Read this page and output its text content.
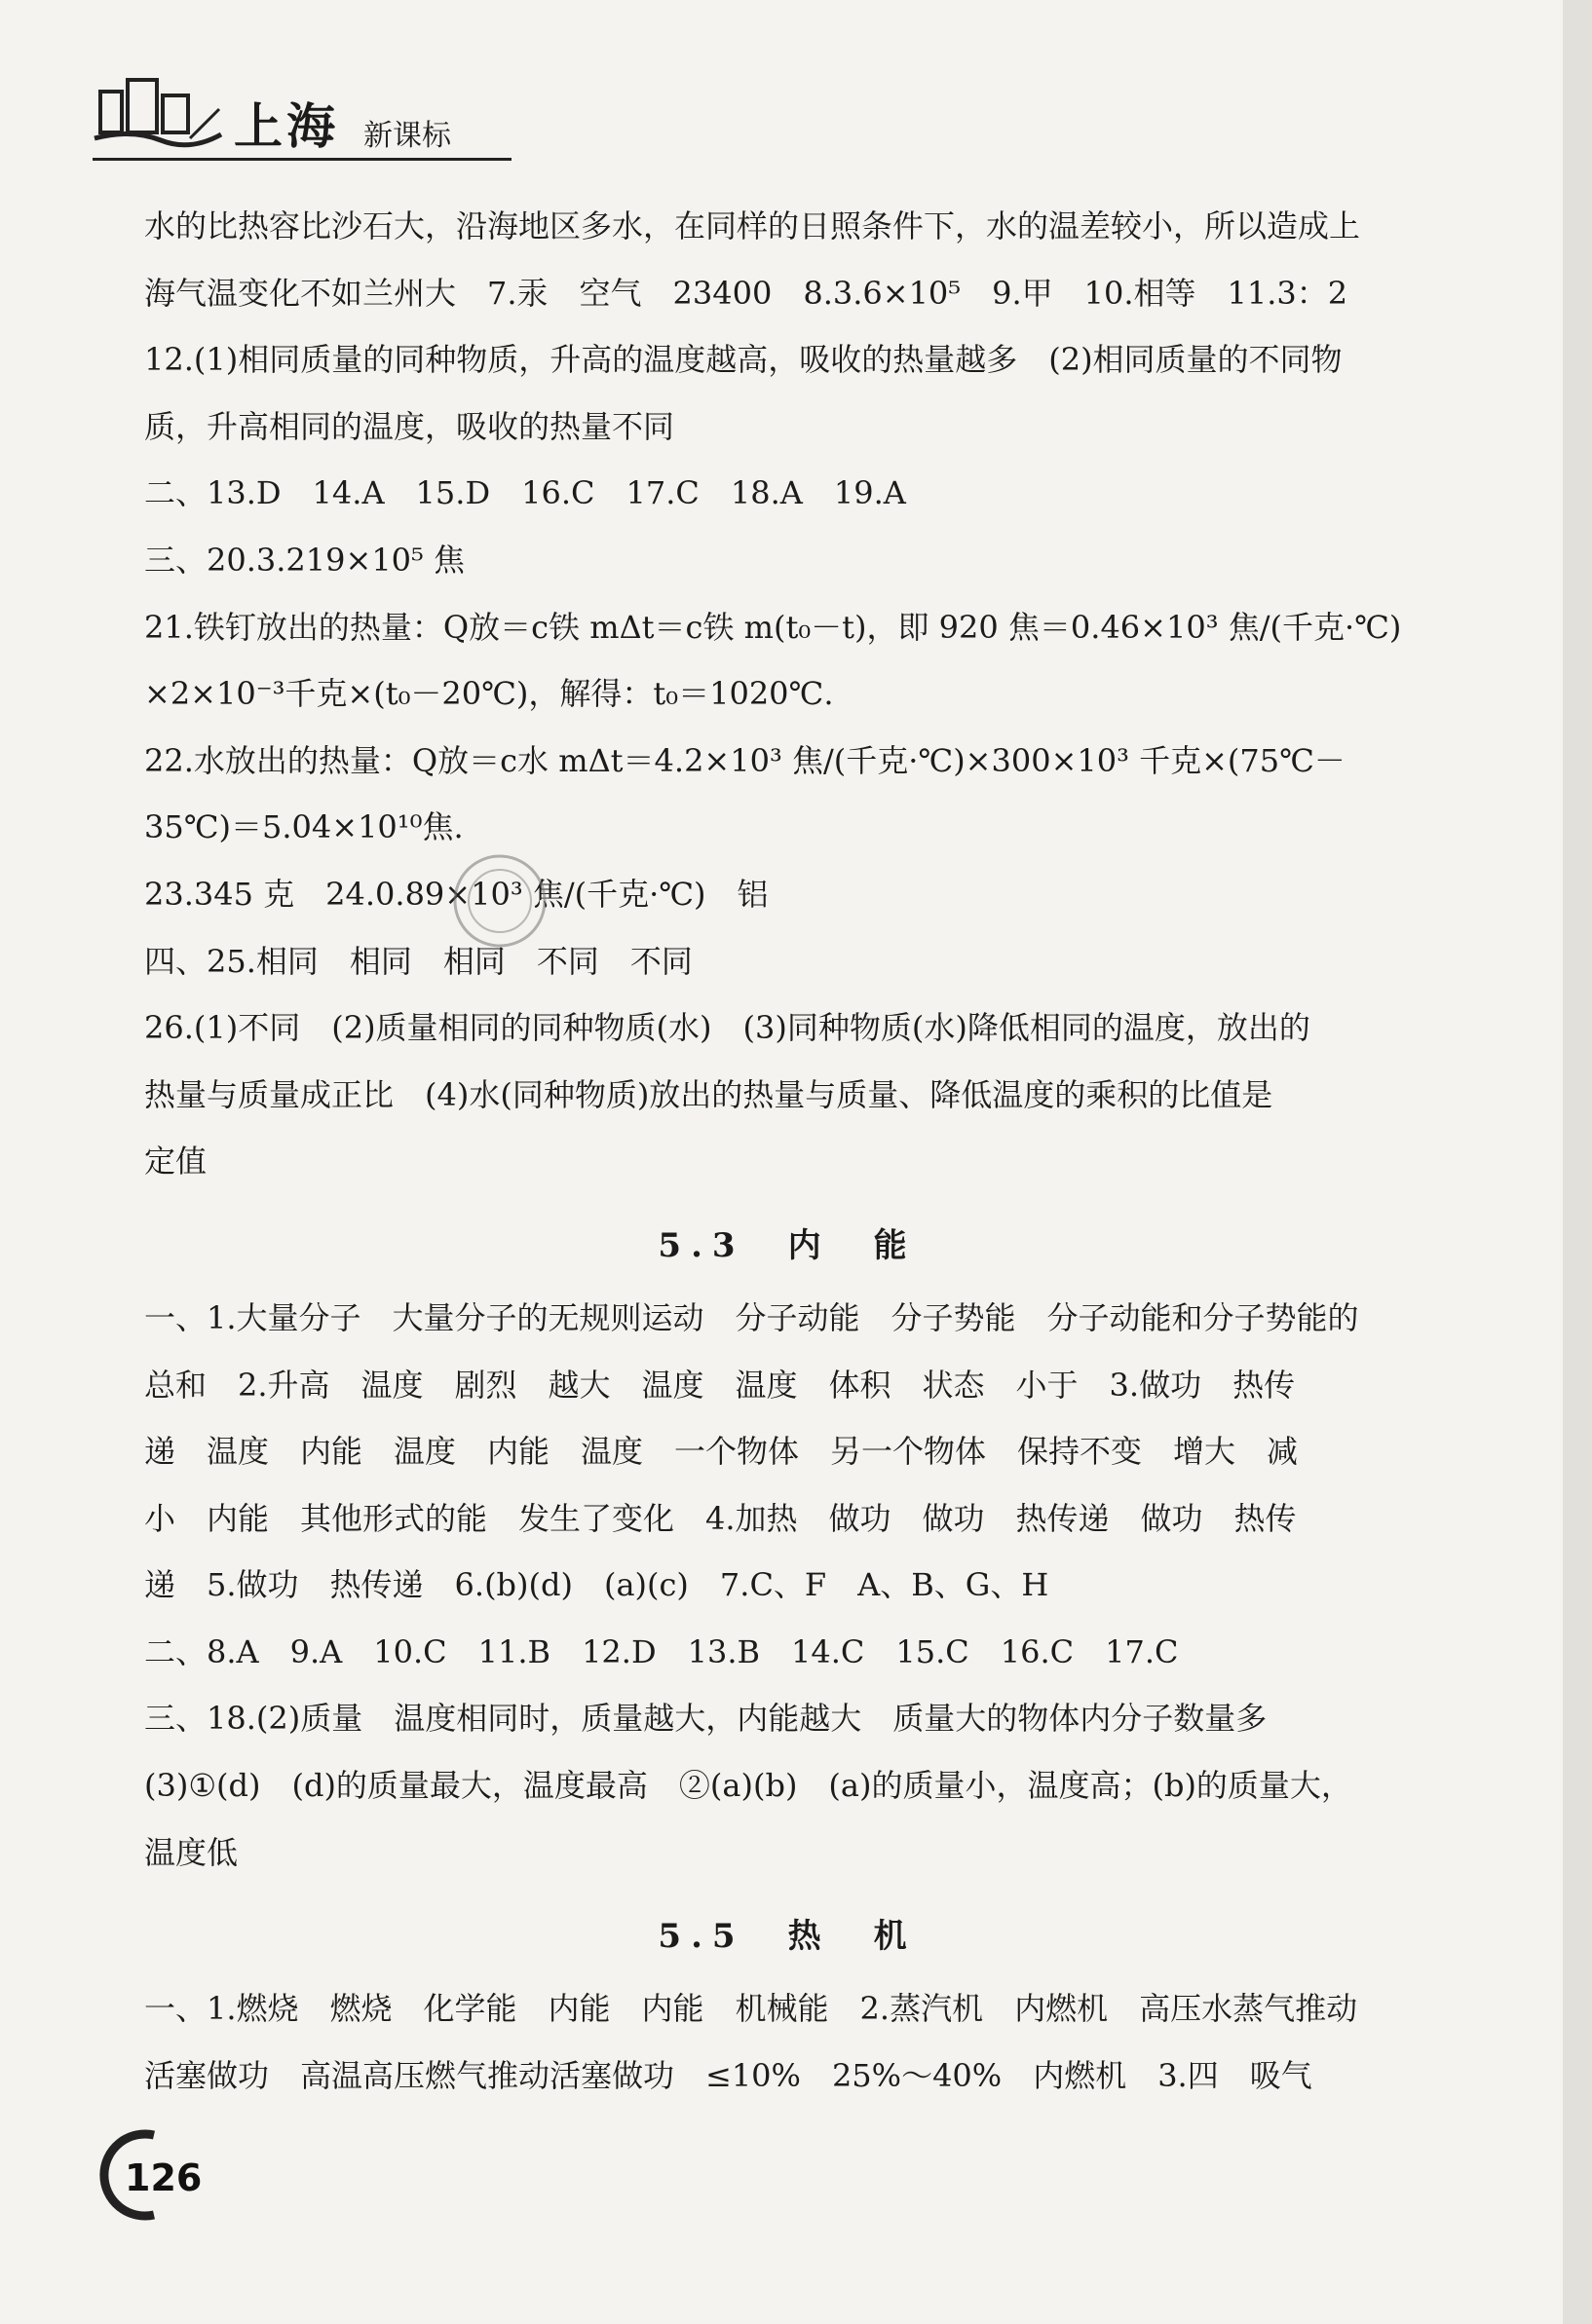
上海 新课标
水的比热容比沙石大，沿海地区多水，在同样的日照条件下，水的温差较小，所以造成上
海气温变化不如兰州大　7.汞　空气　23400　8.3.6×10⁵　9.甲　10.相等　11.3：2
12.(1)相同质量的同种物质，升高的温度越高，吸收的热量越多　(2)相同质量的不同物
质，升高相同的温度，吸收的热量不同
二、13.D　14.A　15.D　16.C　17.C　18.A　19.A
三、20.3.219×10⁵ 焦
21.铁钉放出的热量：Q放＝c铁 mΔt＝c铁 m(t₀－t)，即 920 焦＝0.46×10³ 焦/(千克·℃)
×2×10⁻³千克×(t₀－20℃)，解得：t₀＝1020℃.
22.水放出的热量：Q放＝c水 mΔt＝4.2×10³ 焦/(千克·℃)×300×10³ 千克×(75℃－
35℃)＝5.04×10¹⁰焦.
23.345 克　24.0.89×10³ 焦/(千克·℃)　铝
四、25.相同　相同　相同　不同　不同
26.(1)不同　(2)质量相同的同种物质(水)　(3)同种物质(水)降低相同的温度，放出的
热量与质量成正比　(4)水(同种物质)放出的热量与质量、降低温度的乘积的比值是
定值
5.3　内　能
一、1.大量分子　大量分子的无规则运动　分子动能　分子势能　分子动能和分子势能的
总和　2.升高　温度　剧烈　越大　温度　温度　体积　状态　小于　3.做功　热传
递　温度　内能　温度　内能　温度　一个物体　另一个物体　保持不变　增大　减
小　内能　其他形式的能　发生了变化　4.加热　做功　做功　热传递　做功　热传
递　5.做功　热传递　6.(b)(d)　(a)(c)　7.C、F　A、B、G、H
二、8.A　9.A　10.C　11.B　12.D　13.B　14.C　15.C　16.C　17.C
三、18.(2)质量　温度相同时，质量越大，内能越大　质量大的物体内分子数量多
(3)①(d)　(d)的质量最大，温度最高　②(a)(b)　(a)的质量小，温度高；(b)的质量大，
温度低
5.5　热　机
一、1.燃烧　燃烧　化学能　内能　内能　机械能　2.蒸汽机　内燃机　高压水蒸气推动
活塞做功　高温高压燃气推动活塞做功　≤10%　25%～40%　内燃机　3.四　吸气
126
